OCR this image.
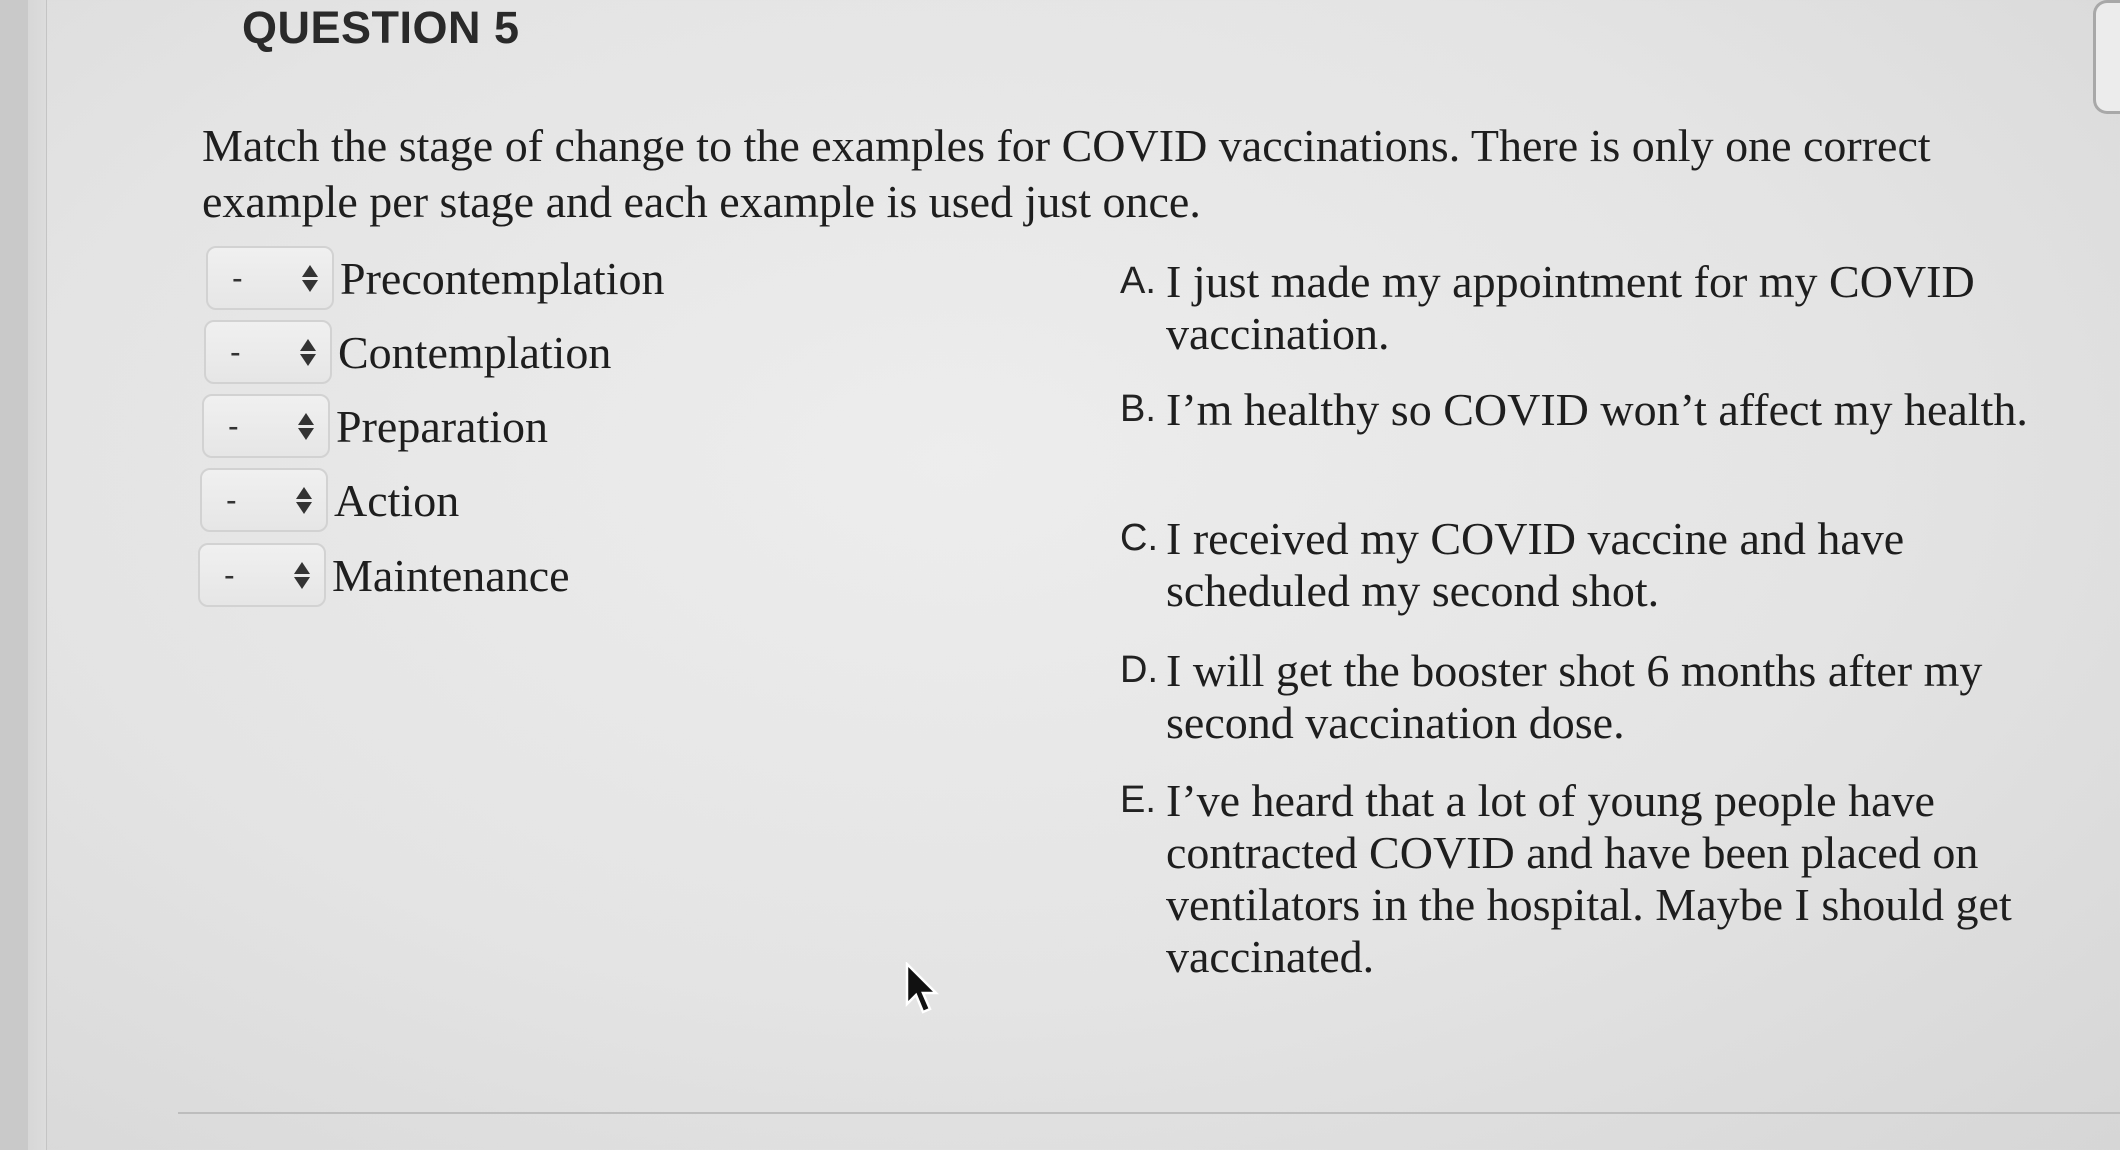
QUESTION 5
Match the stage of change to the examples for COVID vaccinations. There is only one correct example per stage and each example is used just once.
- Precontemplation
- Contemplation
- Preparation
- Action
- Maintenance
A. I just made my appointment for my COVID vaccination.
B. I’m healthy so COVID won’t affect my health.
C. I received my COVID vaccine and have scheduled my second shot.
D. I will get the booster shot 6 months after my second vaccination dose.
E. I’ve heard that a lot of young people have contracted COVID and have been placed on ventilators in the hospital. Maybe I should get vaccinated.
